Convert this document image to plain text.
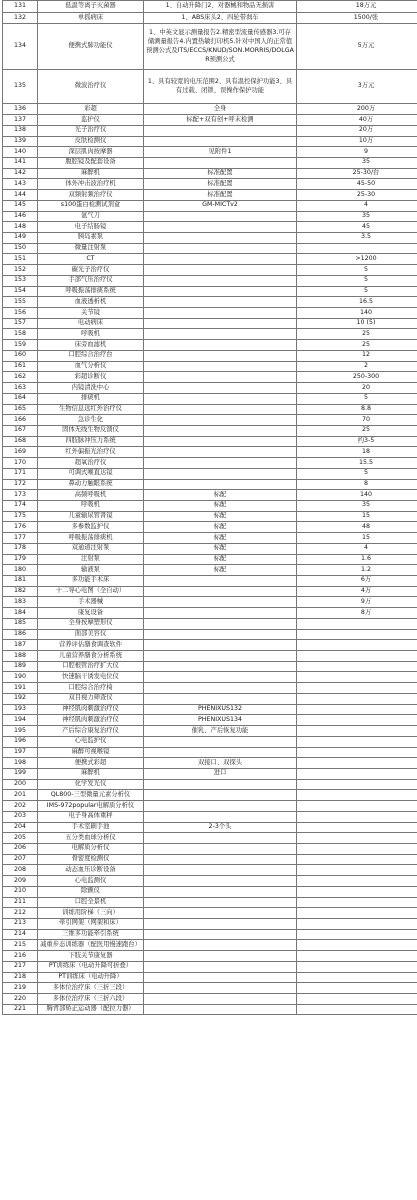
131	低温等离子灭菌器	1、自动升降门2、对器械和物品无损害	18万元
132	单摇病床	1、ABS床头2、四轮带刹车	1500/张
134	便携式肺功能仪	1、中英文显示测量报告2.精密型流量传感器3.可存储测量报告4.内置热敏打印机5.针对中国人的正常值预测公式及ITS/ECCS/KNUD/SON.MORRIS/DOLGAR预测公式	5万元
135	微波治疗仪	1、具有较宽的电压范围2、具有温控保护功能3、具有过载、闭锁、误操作保护功能	3万元
136	彩超	全身	200万
137	监护仪	标配+双有创+呼末检测	40万
138	光子治疗仪		20万
139	皮肤检测仪		10万
140	深层肌肉按摩器	见附件1	9
141	腹腔镜及配套设备		35
142	麻醉机	标准配置	25-30/台
143	体外冲击波治疗机	标准配置	45-50
144	双频射频治疗仪	标准配置	25-30
145	s100蛋白检测试剂盒	GM-MICTv2	4
146	氩气刀		35
148	电子结肠镜		45
149	胰岛素泵		3.5
150	微量注射泵		
151	CT		>1200
152	碳光子治疗仪		5
153	手部气压治疗仪		5
154	呼吸振荡排痰系统		5
155	血液透析机		16.5
156	关节镜		140
157	电动病床		10 (5)
158	呼吸机		25
159	床旁血滤机		25
160	口腔综合治疗台		12
161	血气分析仪		2
162	彩超诊断仪		250-300
163	内镜清洗中心		20
164	排痰机		5
165	生物信息远红外治疗仪		8.8
166	急诊生化		70
167	固体无线生物反馈仪		25
168	四肢脉冲压力系统		约3-5
169	红外偏振光治疗仪		18
170	超氧治疗仪		15.5
171	可调式喉直达镜		5
172	鼻动力触眼系统		8
173	高频呼吸机	标配	140
174	呼吸机	标配	35
175	儿童输尿管肾镜	标配	15
176	多参数监护仪	标配	48
177	呼吸振荡排痰机	标配	15
178	双通道注射泵	标配	4
179	注射泵	标配	1.6
180	输液泵	标配	1.2
181	多功能手术床		6万
182	十二导心电图（全自动）		4万
183	手术器械		9万
184	康复设备		8万
185	全身按摩塑形仪		
186	面部美容仪		
187	营养评估膳食调查软件		
188	儿童营养膳食分析系统		
189	口腔根管治疗扩大仪		
190	快速脑干诱发电位仪		
191	口腔综合治疗椅		
192	双目视力筛查仪		
193	神经肌肉刺激治疗仪	PHENIXUS132	
194	神经肌肉刺激治疗仪	PHENIXUS134	
195	产后综合康复治疗仪	催乳、产后恢复功能	
196	心电监护仪		
197	麻醉可视喉镜		
198	便携式彩超	双接口、双探头	
199	麻醉机	进口	
200	化学发光仪		
201	QL800-三型微量元素分析仪		
202	IMS-972popular电解质分析仪		
203	电子身高体重秤		
204	手术室刷手池	2-3个头	
205	五分类血球分析仪		
206	电解质分析仪		
207	骨密度检测仪		
208	动态血压诊断设备		
209	心电监测仪		
210	除颤仪		
211	口腔全景机		
212	训练用阶梯（三向）		
213	牵引网架（网架和床）		
214	三维多功能牵引系统		
215	减重步态训练器（配医用慢速跑台）		
216	下肢关节康复器		
217	PT训练床（电动升降可折叠）		
218	PT训练床（电动升降）		
219	多体位治疗床（三折三段）		
220	多体位治疗床（三折六段）		
221	胸背部矫正运动器（配拉力器）		
